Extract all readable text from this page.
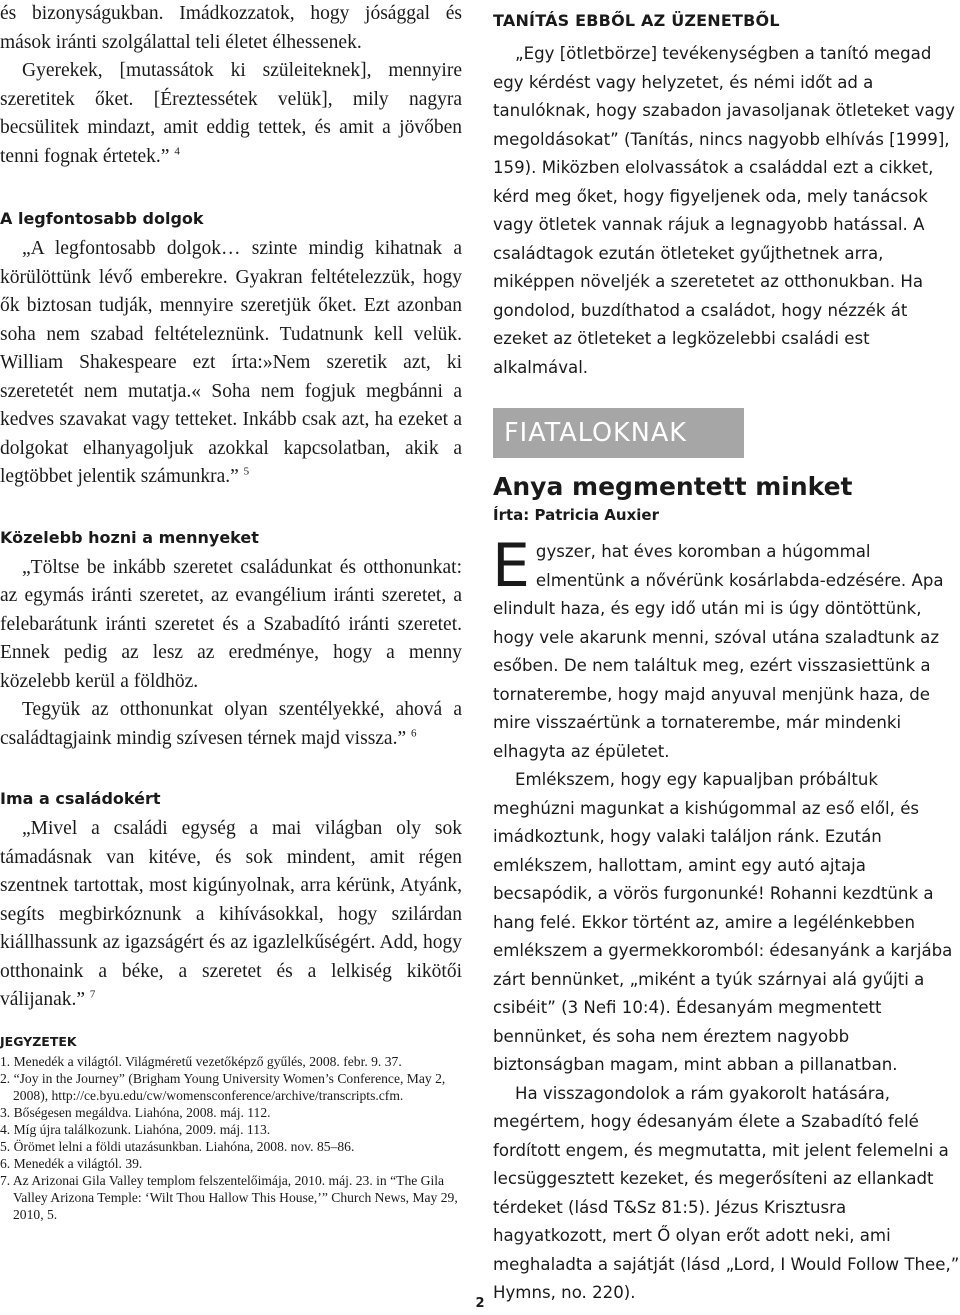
és bizonyságukban. Imádkozzatok, hogy jósággal és mások iránti szolgálattal teli életet élhessenek.

Gyerekek, [mutassátok ki szüleiteknek], mennyire szeretitek őket. [Éreztessétek velük], mily nagyra becsülitek mindazt, amit eddig tettek, és amit a jövőben tenni fognak értetek.” $^4$

A legfontosabb dolgok

„A legfontosabb dolgok… szinte mindig kihatnak a körülöttünk lévő emberekre. Gyakran feltételezzük, hogy ők biztosan tudják, mennyire szeretjük őket. Ezt azonban soha nem szabad feltételeznünk. Tudatnunk kell velük. William Shakespeare ezt írta:»Nem szeretik azt, ki szeretetét nem mutatja.« Soha nem fogjuk megbánni a kedves szavakat vagy tetteket. Inkább csak azt, ha ezeket a dolgokat elhanyagoljuk azokkal kapcsolatban, akik a legtöbbet jelentik számunkra.” $^5$

Közelebb hozni a mennyeket

„Töltse be inkább szeretet családunkat és otthonunkat: az egymás iránti szeretet, az evangélium iránti szeretet, a felebarátunk iránti szeretet és a Szabadító iránti szeretet. Ennek pedig az lesz az eredménye, hogy a menny közelebb kerül a földhöz.

Tegyük az otthonunkat olyan szentélyekké, ahová a családtagjaink mindig szívesen térnek majd vissza.” $^6$

Ima a családokért

„Mivel a családi egység a mai világban oly sok támadásnak van kitéve, és sok mindent, amit régen szentnek tartottak, most kigúnyolnak, arra kérünk, Atyánk, segíts megbirkóznunk a kihívásokkal, hogy szilárdan kiállhassunk az igazságért és az igazlelkűségért. Add, hogy otthonaink a béke, a szeretet és a lelkiség kikötői válijanak.” $^7$

JEGYZETEK
1. Menedék a világtól. Világméretű vezetőképző gyűlés, 2008. febr. 9. 37.
2. “Joy in the Journey” (Brigham Young University Women’s Conference, May 2, 2008), http://ce.byu.edu/cw/womensconference/archive/transcripts.cfm.
3. Bőségesen megáldva. Liahóna, 2008. máj. 112.
4. Míg újra találkozunk. Liahóna, 2009. máj. 113.
5. Örömet lelni a földi utazásunkban. Liahóna, 2008. nov. 85–86.
6. Menedék a világtól. 39.
7. Az Arizonai Gila Valley templom felszentelőimája, 2010. máj. 23. in “The Gila Valley Arizona Temple: ‘Wilt Thou Hallow This House,’” Church News, May 29, 2010, 5.
TANÍTÁS EBBŐL AZ ÜZENETBŐL

„Egy [ötletbörze] tevékenységben a tanító megad egy kérdést vagy helyzetet, és némi időt ad a tanulóknak, hogy szabadon javasoljanak ötleteket vagy megoldásokat” (Tanítás, nincs nagyobb elhívás [1999], 159). Miközben elolvassátok a családdal ezt a cikket, kérd meg őket, hogy figyeljenek oda, mely tanácsok vagy ötletek vannak rájuk a legnagyobb hatással. A családtagok ezután ötleteket gyűjthetnek arra, miképpen növeljék a szeretetet az otthonukban. Ha gondolod, buzdíthatod a családot, hogy nézzék át ezeket az ötleteket a legközelebbi családi est alkalmával.

FIATALOKNAK
Anya megmentett minket
Írta: Patricia Auxier

Egyszer, hat éves koromban a húgommal elmentünk a nővérünk kosárlabda-edzésére. Apa elindult haza, és egy idő után mi is úgy döntöttünk, hogy vele akarunk menni, szóval utána szaladtunk az esőben. De nem találtuk meg, ezért visszasiettünk a tornaterembe, hogy majd anyuval menjünk haza, de mire visszaértünk a tornaterembe, már mindenki elhagyta az épületet.

Emlékszem, hogy egy kapualjban próbáltuk meghúzni magunkat a kishúgommal az eső elől, és imádkoztunk, hogy valaki találjon ránk. Ezután emlékszem, hallottam, amint egy autó ajtaja becsapódik, a vörös furgonunké! Rohanni kezdtünk a hang felé. Ekkor történt az, amire a legélénkebben emlékszem a gyermekkoromból: édesanyánk a karjába zárt bennünket, „miként a tyúk szárnyai alá gyűjti a csibéit” (3 Nefi 10:4). Édesanyám megmentett bennünket, és soha nem éreztem nagyobb biztonságban magam, mint abban a pillanatban.

Ha visszagondolok a rám gyakorolt hatására, megértem, hogy édesanyám élete a Szabadító felé fordított engem, és megmutatta, mit jelent felemelni a lecsüggesztett kezeket, és megerősíteni az ellankadt térdeket (lásd T&Sz 81:5). Jézus Krisztusra hagyatkozott, mert Ő olyan erőt adott neki, ami meghaladta a sajátját (lásd „Lord, I Would Follow Thee,” Hymns, no. 220).

2
